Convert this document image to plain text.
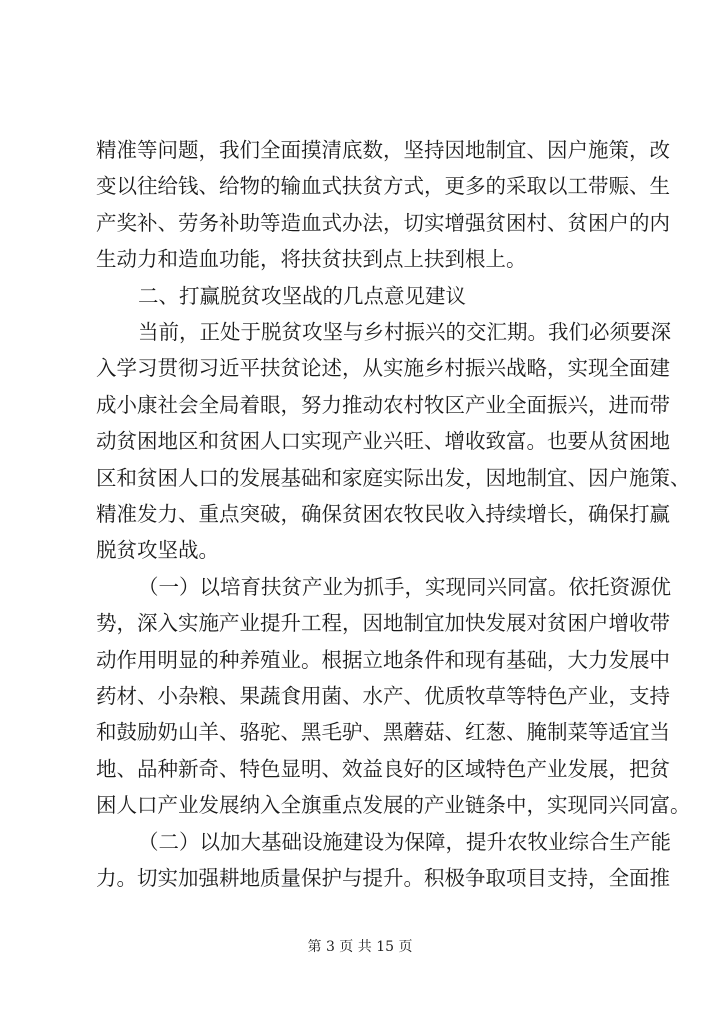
精准等问题，我们全面摸清底数，坚持因地制宜、因户施策，改
变以往给钱、给物的输血式扶贫方式，更多的采取以工带赈、生
产奖补、劳务补助等造血式办法，切实增强贫困村、贫困户的内
生动力和造血功能，将扶贫扶到点上扶到根上。
二、打赢脱贫攻坚战的几点意见建议
当前，正处于脱贫攻坚与乡村振兴的交汇期。我们必须要深
入学习贯彻习近平扶贫论述，从实施乡村振兴战略，实现全面建
成小康社会全局着眼，努力推动农村牧区产业全面振兴，进而带
动贫困地区和贫困人口实现产业兴旺、增收致富。也要从贫困地
区和贫困人口的发展基础和家庭实际出发，因地制宜、因户施策、
精准发力、重点突破，确保贫困农牧民收入持续增长，确保打赢
脱贫攻坚战。
（一）以培育扶贫产业为抓手，实现同兴同富。依托资源优
势，深入实施产业提升工程，因地制宜加快发展对贫困户增收带
动作用明显的种养殖业。根据立地条件和现有基础，大力发展中
药材、小杂粮、果蔬食用菌、水产、优质牧草等特色产业，支持
和鼓励奶山羊、骆驼、黑毛驴、黑蘑菇、红葱、腌制菜等适宜当
地、品种新奇、特色显明、效益良好的区域特色产业发展，把贫
困人口产业发展纳入全旗重点发展的产业链条中，实现同兴同富。
（二）以加大基础设施建设为保障，提升农牧业综合生产能
力。切实加强耕地质量保护与提升。积极争取项目支持，全面推
第 3 页 共 15 页
